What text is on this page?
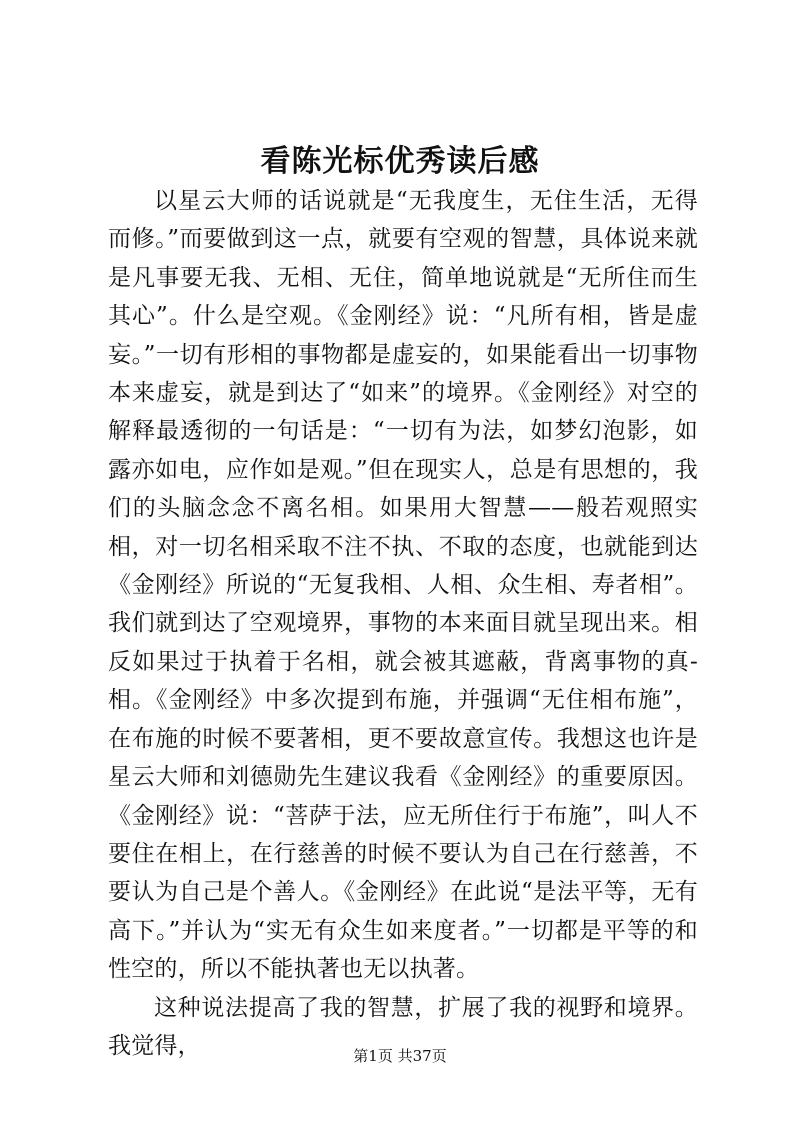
看陈光标优秀读后感

以星云大师的话说就是“无我度生，无住生活，无得而修。”而要做到这一点，就要有空观的智慧，具体说来就是凡事要无我、无相、无住，简单地说就是“无所住而生其心”。什么是空观。《金刚经》说：“凡所有相，皆是虚妄。”一切有形相的事物都是虚妄的，如果能看出一切事物本来虚妄，就是到达了“如来”的境界。《金刚经》对空的解释最透彻的一句话是：“一切有为法，如梦幻泡影，如露亦如电，应作如是观。”但在现实人，总是有思想的，我们的头脑念念不离名相。如果用大智慧——般若观照实相，对一切名相采取不注不执、不取的态度，也就能到达《金刚经》所说的“无复我相、人相、众生相、寿者相”。我们就到达了空观境界，事物的本来面目就呈现出来。相反如果过于执着于名相，就会被其遮蔽，背离事物的真-相。《金刚经》中多次提到布施，并强调“无住相布施”，在布施的时候不要著相，更不要故意宣传。我想这也许是星云大师和刘德勋先生建议我看《金刚经》的重要原因。《金刚经》说：“菩萨于法，应无所住行于布施”，叫人不要住在相上，在行慈善的时候不要认为自己在行慈善，不要认为自己是个善人。《金刚经》在此说“是法平等，无有高下。”并认为“实无有众生如来度者。”一切都是平等的和性空的，所以不能执著也无以执著。

这种说法提高了我的智慧，扩展了我的视野和境界。我觉得，	第1页 共37页
